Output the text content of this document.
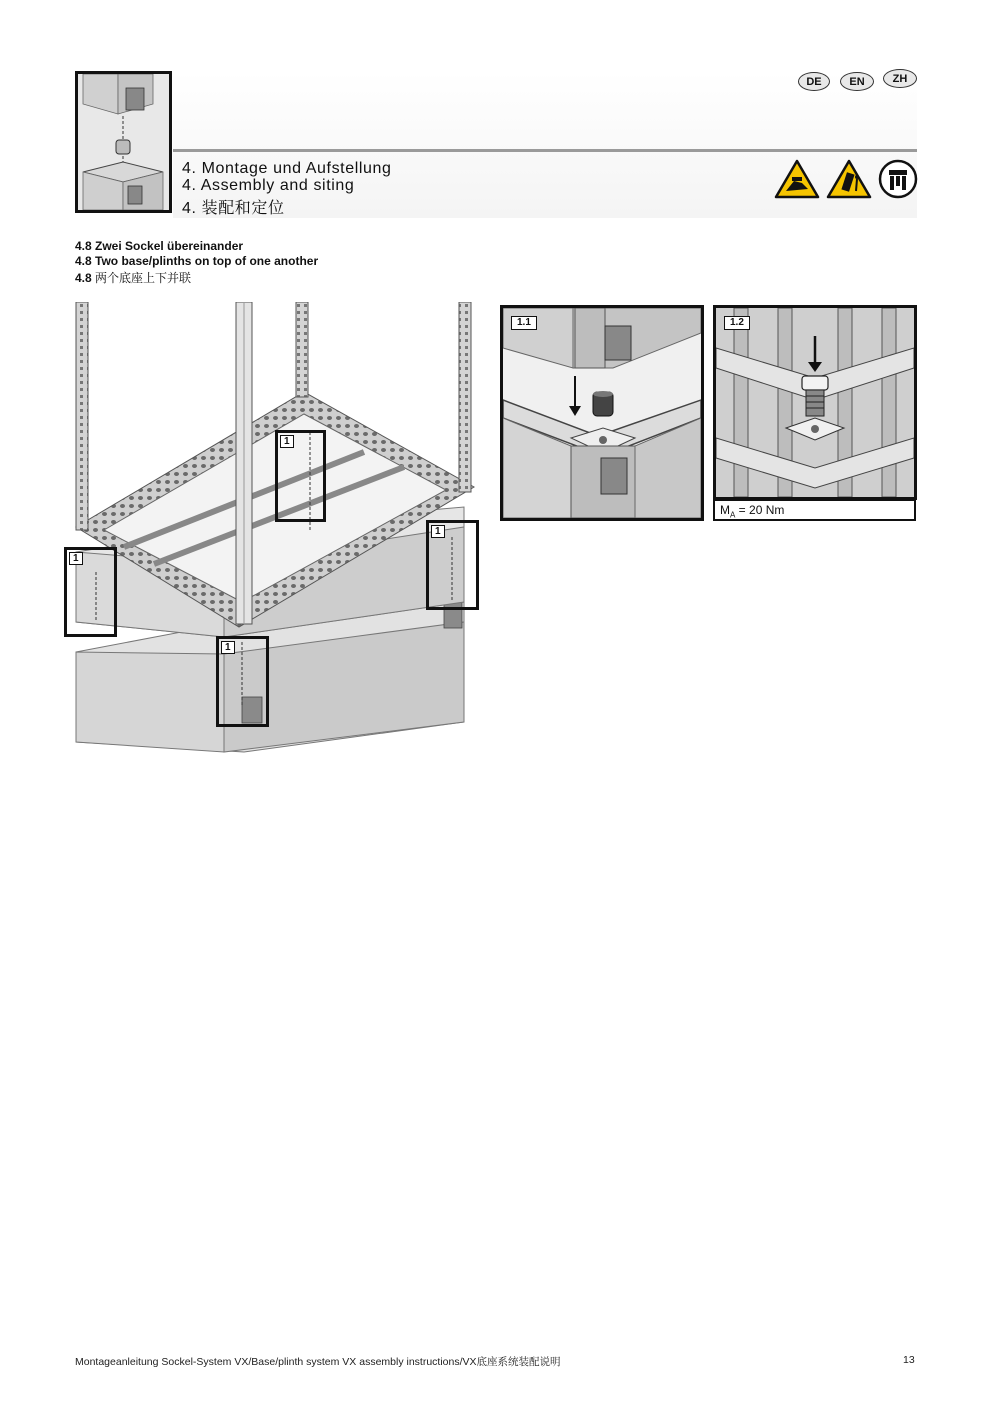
DE	EN	ZH
4. Montage und Aufstellung
4. Assembly and siting
4. 装配和定位
4.8 Zwei Sockel übereinander
4.8 Two base/plinths on top of one another
4.8 两个底座上下并联
1
1
1
1
1.1	1.2
$M_A = 20$ Nm
Montageanleitung Sockel-System VX/Base/plinth system VX assembly instructions/VX底座系统装配说明	13
